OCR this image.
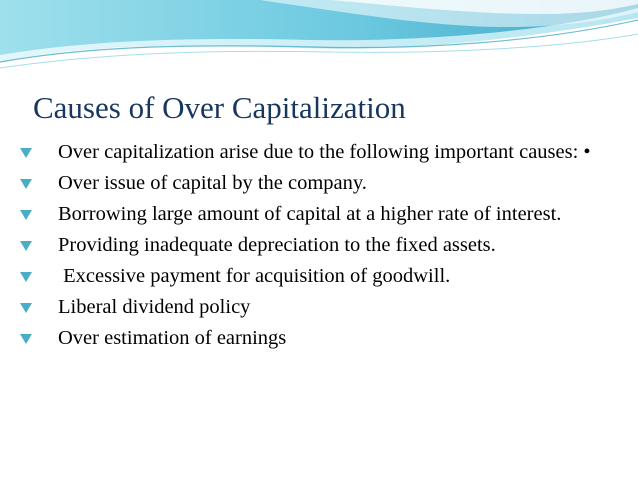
Causes of Over Capitalization
Over capitalization arise due to the following important causes: •
Over issue of capital by the company.
Borrowing large amount of capital at a higher rate of interest.
Providing inadequate depreciation to the fixed assets.
Excessive payment for acquisition of goodwill.
Liberal dividend policy
Over estimation of earnings
